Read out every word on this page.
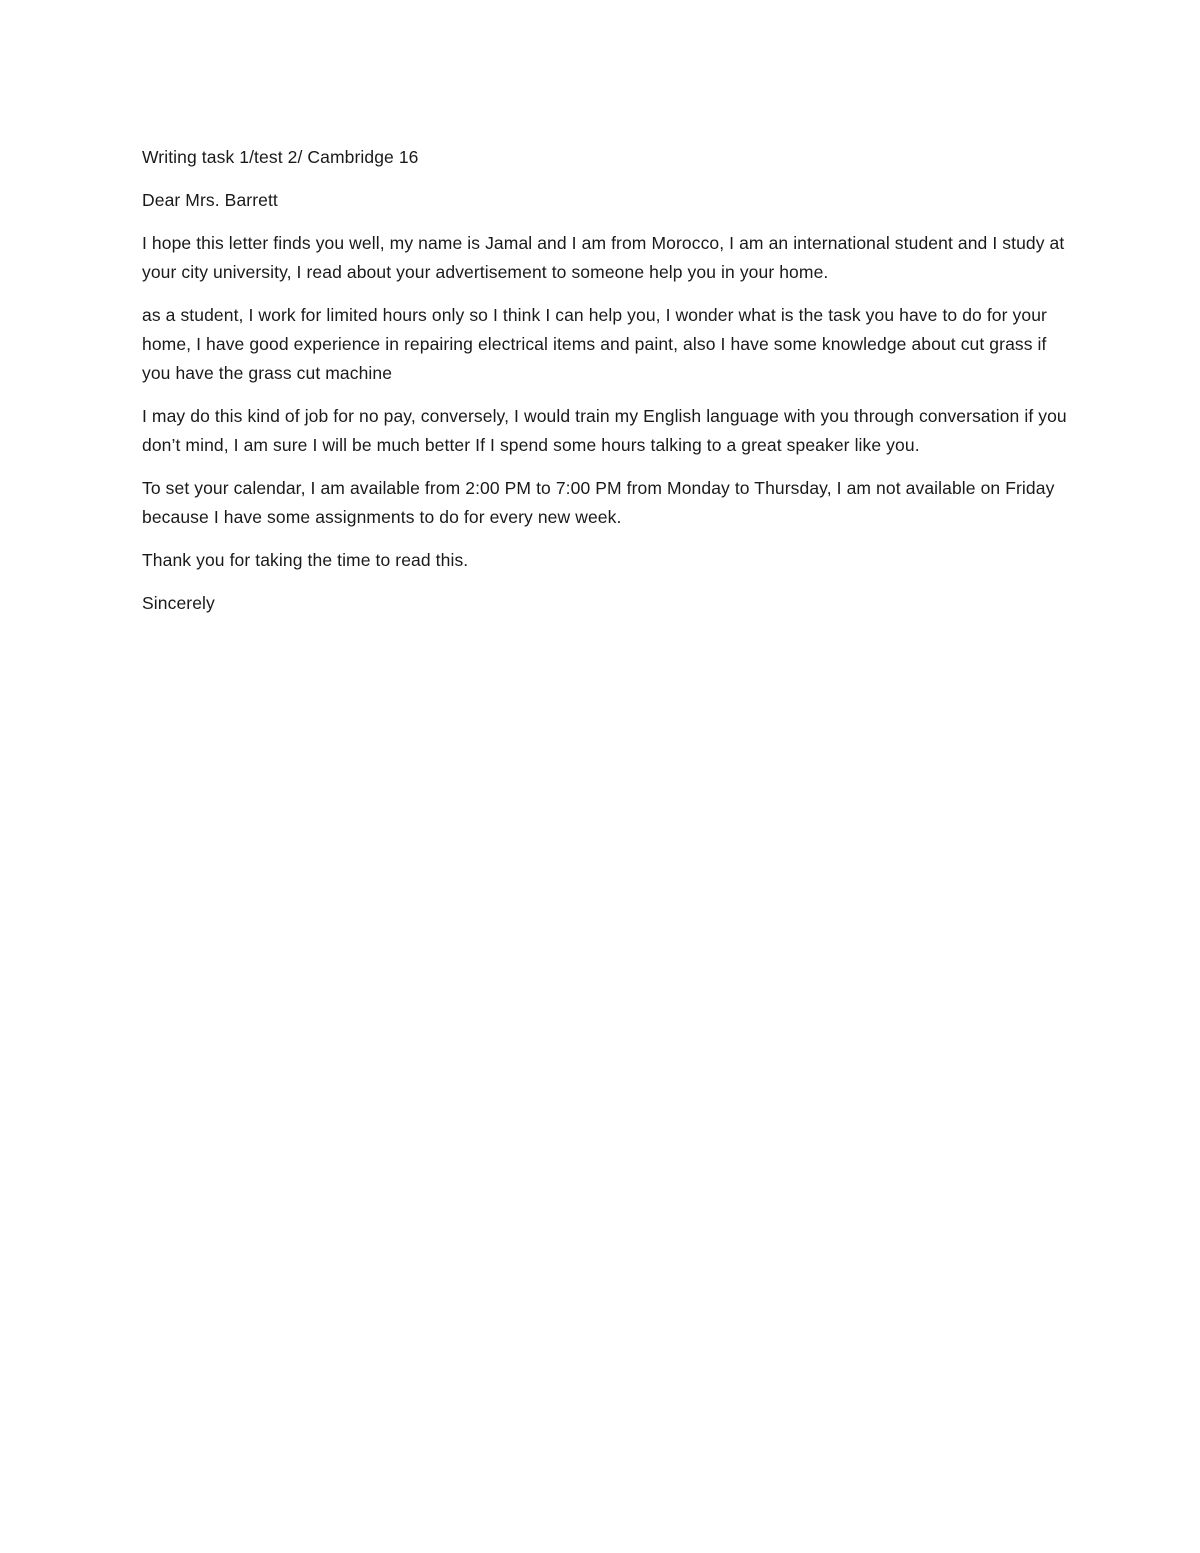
Writing task 1/test 2/ Cambridge 16

Dear Mrs. Barrett

I hope this letter finds you well, my name is Jamal and I am from Morocco, I am an international student and I study at your city university, I read about your advertisement to someone help you in your home.

as a student, I work for limited hours only so I think I can help you, I wonder what is the task you have to do for your home, I have good experience in repairing electrical items and paint, also I have some knowledge about cut grass if you have the grass cut machine

I may do this kind of job for no pay, conversely, I would train my English language with you through conversation if you don’t mind, I am sure I will be much better If I spend some hours talking to a great speaker like you.

To set your calendar, I am available from 2:00 PM to 7:00 PM from Monday to Thursday, I am not available on Friday because I have some assignments to do for every new week.

Thank you for taking the time to read this.

Sincerely
